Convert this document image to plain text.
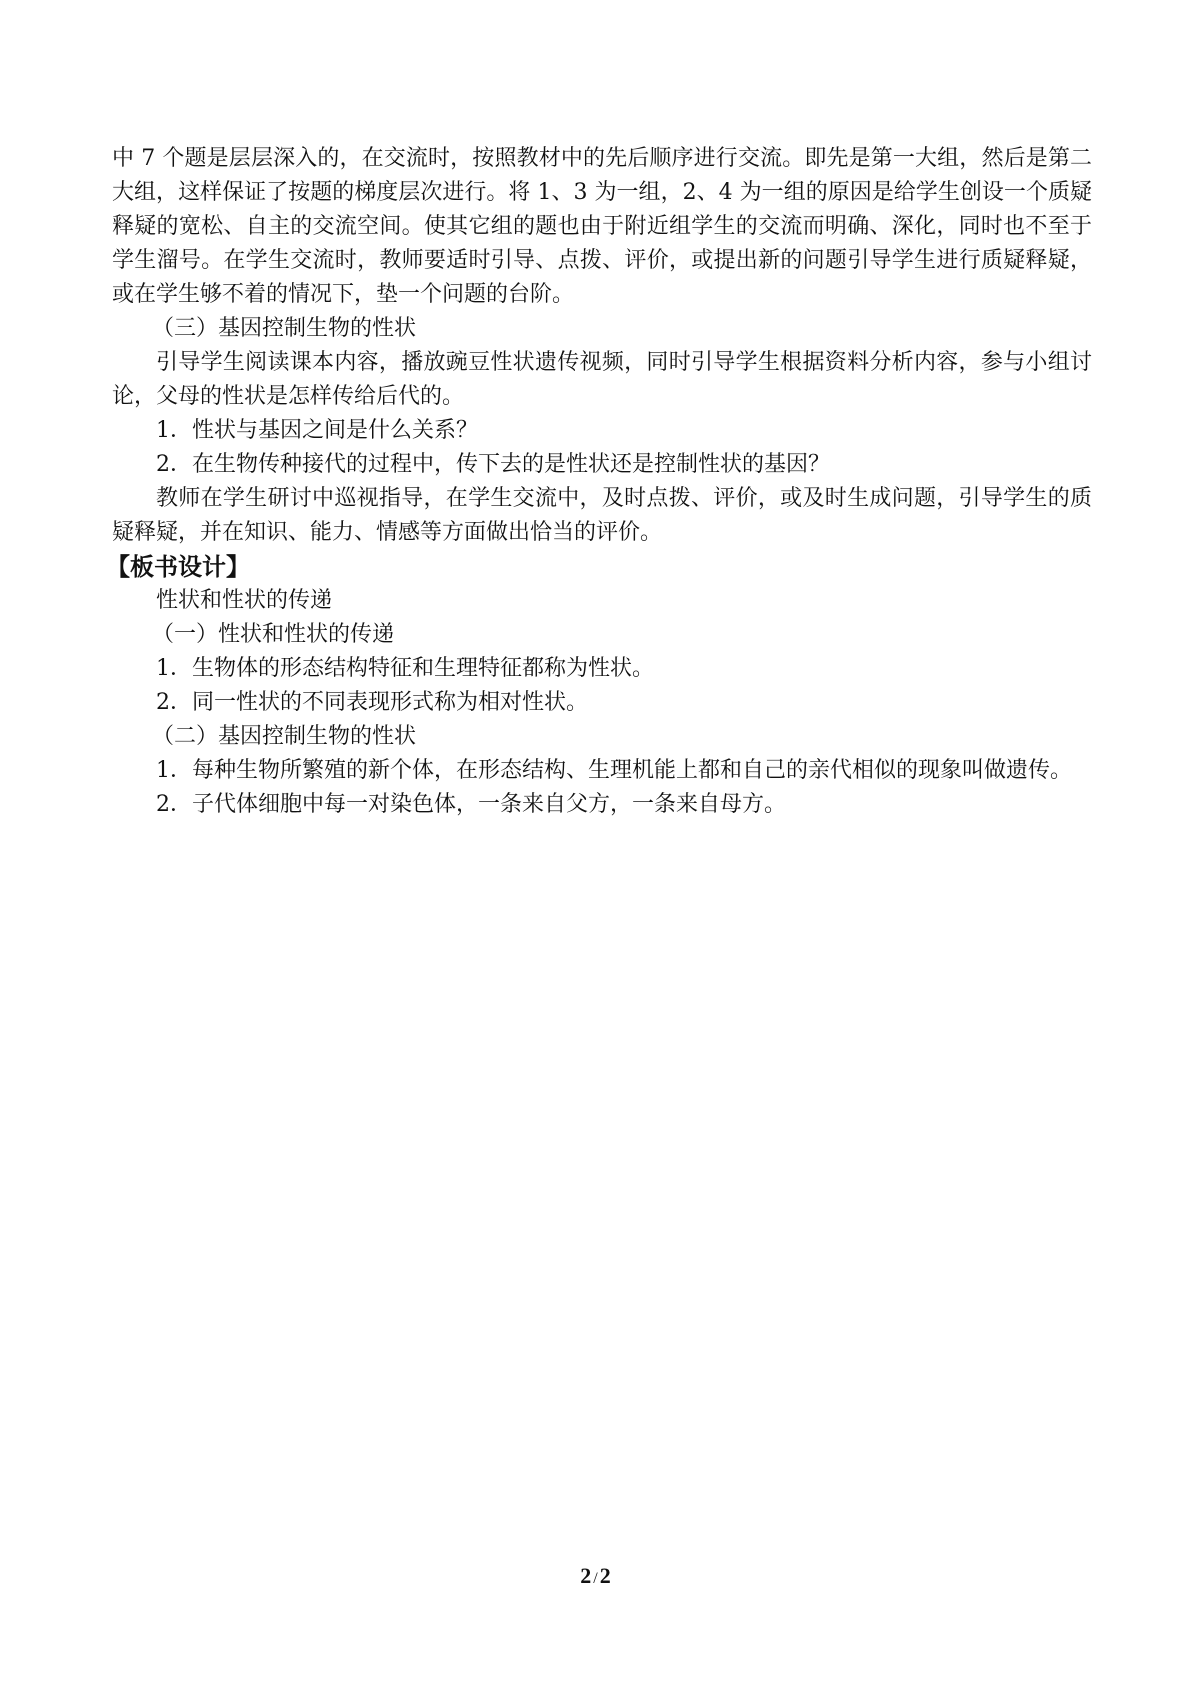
中 7 个题是层层深入的，在交流时，按照教材中的先后顺序进行交流。即先是第一大组，然后是第二大组，这样保证了按题的梯度层次进行。将 1、3 为一组，2、4 为一组的原因是给学生创设一个质疑释疑的宽松、自主的交流空间。使其它组的题也由于附近组学生的交流而明确、深化，同时也不至于学生溜号。在学生交流时，教师要适时引导、点拨、评价，或提出新的问题引导学生进行质疑释疑，或在学生够不着的情况下，垫一个问题的台阶。

（三）基因控制生物的性状

引导学生阅读课本内容，播放豌豆性状遗传视频，同时引导学生根据资料分析内容，参与小组讨论，父母的性状是怎样传给后代的。

1．性状与基因之间是什么关系？

2．在生物传种接代的过程中，传下去的是性状还是控制性状的基因？

教师在学生研讨中巡视指导，在学生交流中，及时点拨、评价，或及时生成问题，引导学生的质疑释疑，并在知识、能力、情感等方面做出恰当的评价。

【板书设计】

性状和性状的传递

（一）性状和性状的传递

1．生物体的形态结构特征和生理特征都称为性状。

2．同一性状的不同表现形式称为相对性状。

（二）基因控制生物的性状

1．每种生物所繁殖的新个体，在形态结构、生理机能上都和自己的亲代相似的现象叫做遗传。

2．子代体细胞中每一对染色体，一条来自父方，一条来自母方。

2 /2
